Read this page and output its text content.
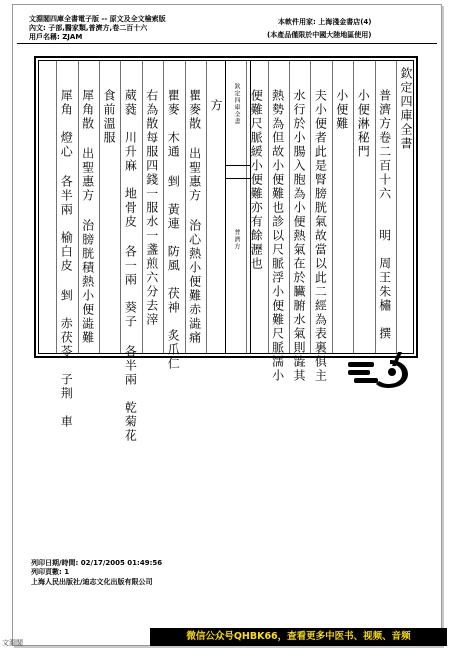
文淵閣四庫全書電子版 -- 原文及全文檢索版
內文: 子部,醫家類,普濟方,卷二百十六
用戶名稱: ZJAM
本軟件用家: 上海淺金書店(4)
(本產品僅限於中國大陸地區使用)
欽定四庫全書
普濟方
欽定四庫全書
普濟方卷二百十六　　明　周王朱橚　撰
小便淋秘門
小便難
夫小便者此是腎膀胱氣故當以此二經為表裏俱主
水行於小腸入胞為小便熱氣在於臟腑水氣則澁其
熱勢為但故小便難也診以尺脈浮小便難尺脈濡小
便難尺脈緩小便難亦有餘瀝也
方
瞿麥散 出聖惠方 治心熱小便難赤澁痛
瞿麥　木通 剉　黃連　防風　茯神　炙爪仁
右為散每服四錢一服水一盞煎六分去滓
葳蕤　川升麻　地骨皮 各一兩　葵子 各半兩　乾菊花
食前溫服
犀角散 出聖惠方 治膀胱積熱小便澁難
犀角　燈心 各半兩　榆白皮 剉　赤茯苓　子荆　車
列印日期/時間: 02/17/2005 01:49:56
列印頁數: 1
上海人民出版社/迪志文化出版有限公司
文淵閣
微信公众号QHBK66，查看更多中医书、视频、音频
